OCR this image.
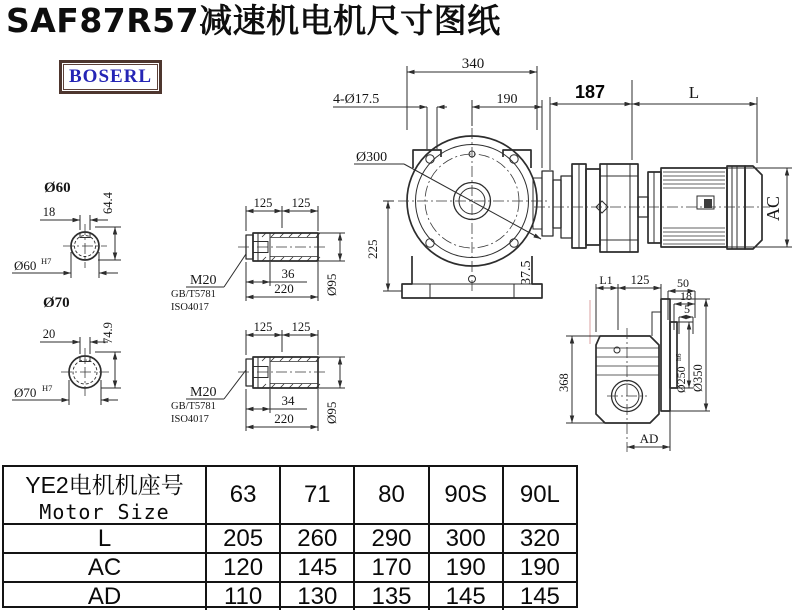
SAF87R57减速机电机尺寸图纸
BOSERL
Ø60
18	64.4
Ø60 H7
Ø70
20	74.9
Ø70 H7
M20
GB/T5781
ISO4017
M20
GB/T5781
ISO4017
125 125
36
220 Ø95
125 125
34
220 Ø95
340
190
4-Ø17.5
Ø300
225
37.5
187	L
AC
L1 125 50
18
5
368	Ø250
h6
Ø350
AD
YE2电机机座号
Motor Size
63	71	80	90S	90L
L	205	260	290	300	320
AC	120	145	170	190	190
AD	110	130	135	145	145
